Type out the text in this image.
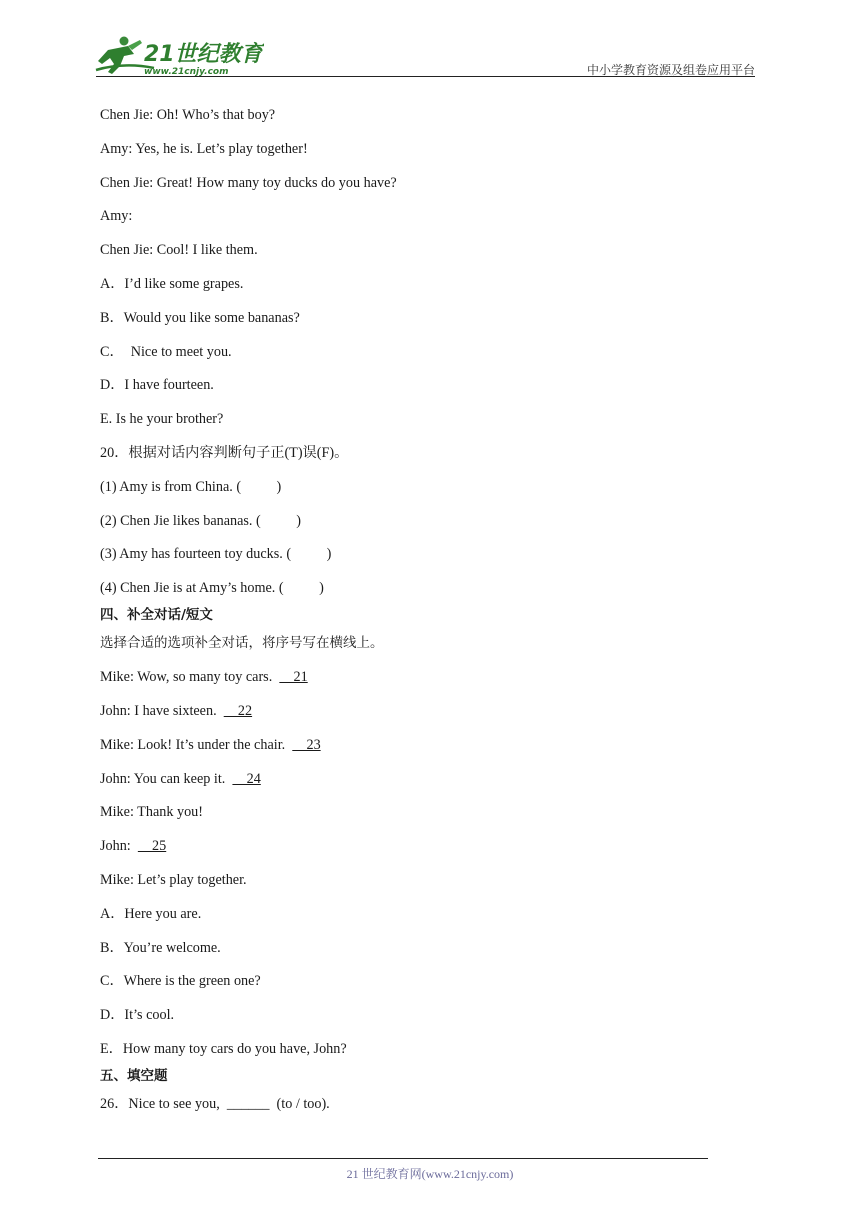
21世纪教育
www.21cnjy.com	中小学教育资源及组卷应用平台
Chen Jie: Oh! Who’s that boy?
Amy: Yes, he is. Let’s play together!
Chen Jie: Great! How many toy ducks do you have?
Amy:
Chen Jie: Cool! I like them.
A．I’d like some grapes.
B．Would you like some bananas?
C．  Nice to meet you.
D．I have fourteen.
E. Is he your brother?
20．根据对话内容判断句子正(T)误(F)。
(1) Amy is from China. (          )
(2) Chen Jie likes bananas. (          )
(3) Amy has fourteen toy ducks. (          )
(4) Chen Jie is at Amy’s home. (          )
四、补全对话/短文
选择合适的选项补全对话，将序号写在横线上。
Mike: Wow, so many toy cars.      21
John: I have sixteen.      22
Mike: Look! It’s under the chair.      23
John: You can keep it.      24
Mike: Thank you!
John:      25
Mike: Let’s play together.
A．Here you are.
B．You’re welcome.
C．Where is the green one?
D．It’s cool.
E．How many toy cars do you have, John?
五、填空题
26．Nice to see you,  ______  (to / too).
21 世纪教育网(www.21cnjy.com)
